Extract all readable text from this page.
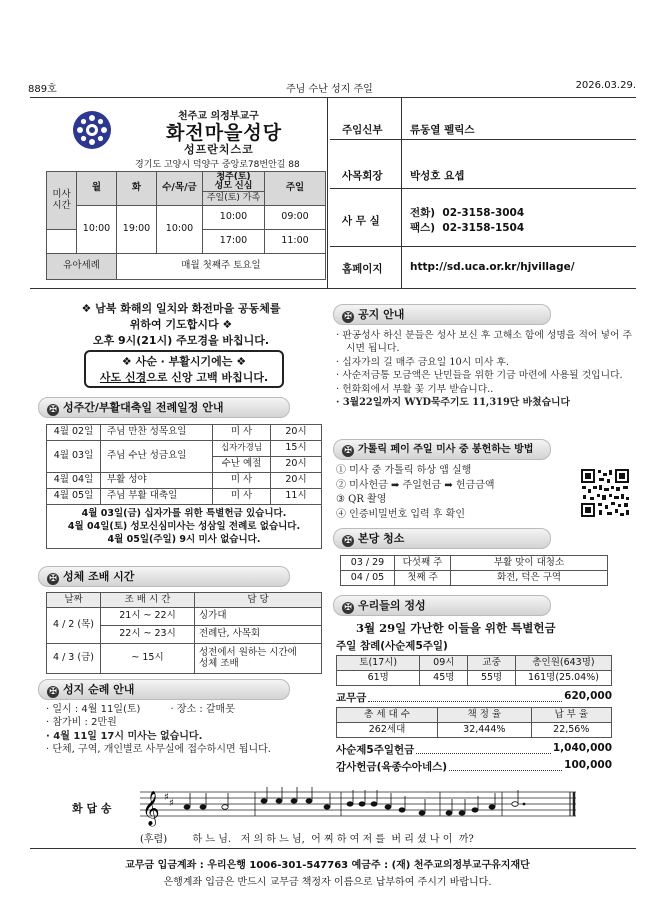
889호	주님 수난 성지 주일	2026.03.29.
천주교 의정부교구
화전마을성당
성프란치스코
경기도 고양시 덕양구 중앙로78번안길 88
미사
시간	월	화	수/목/금	청주(토)
성모 신심	주일
				주일(토) 가족	
	10:00	19:00	10:00	10:00	09:00
				17:00	11:00
유아세례		매월 첫째주 토요일			
주임신부	류동열 펠릭스
사목회장	박성호 요셉
사 무 실
전화)  02-3158-3004
팩스)  02-3158-1504
홈페이지	http://sd.uca.or.kr/hjvillage/
❖ 남북 화해의 일치와 화전마을 공동체를
위하여 기도합시다 ❖
오후 9시(21시) 주모경을 바칩니다.
❖ 사순 · 부활시기에는 ❖
사도 신경으로 신앙 고백 바칩니다.
✠ 성주간/부활대축일 전례일정 안내
4월 02일	주님 만찬 성목요일	미 사	20시
4월 03일	주님 수난 성금요일	십자가경님	15시
		수난 예절	20시
4월 04일	부활 성야	미 사	20시
4월 05일	주님 부활 대축일	미 사	11시

4월 03일(금) 십자가를 위한 특별헌금 있습니다.
4월 04일(토) 성모신심미사는 성삼일 전례로 없습니다.
4월 05일(주일) 9시 미사 없습니다.			
✠ 성체 조배 시간
날짜	조 배 시 간	담 당
4 / 2 (목)	21시 ~ 22시	싱가대
	22시 ~ 23시	전례단, 사목회
4 / 3 (금)	~ 15시	성전에서 원하는 시간에
성체 조배
✠ 성지 순례 안내
· 일시 : 4월 11일(토)	· 장소 : 갈매못
· 참가비 : 2만원
· 4월 11일 17시 미사는 없습니다.
· 단체, 구역, 개인별로 사무실에 접수하시면 됩니다.
✠ 공지 안내
· 판공성사 하신 분들은 성사 보신 후 고해소 함에 성명을 적어 넣어 주시면 됩니다.
· 십자가의 길 매주 금요일 10시 미사 후.
· 사순저금통 모금액은 난민들을 위한 기금 마련에 사용될 것입니다.
· 헌화회에서 부활 꽃 기부 받습니다..
· 3월22일까지 WYD묵주기도 11,319단 바쳤습니다
✠ 가톨릭 페이 주일 미사 중 봉헌하는 방법
① 미사 중 가톨릭 하상 앱 실행
② 미사헌금 ➡ 주일헌금 ➡ 헌금금액
③ QR 촬영
④ 인증비밀번호 입력 후 확인
✠ 본당 청소
03 / 29	다섯째 주	부활 맞이 대청소
04 / 05	첫째 주	화전, 덕은 구역
✠ 우리들의 정성
3월 29일 가난한 이들을 위한 특별헌금
주일 참례(사순제5주일)
토(17시)	09시	교중	총인원(643명)
61명	45명	55명	161명(25.04%)
교무금	620,000
총 세 대 수	책 정 율	납 부 율
262세대	32,444%	22,56%
사순제5주일헌금	1,040,000
감사헌금(육종수아네스)	100,000
화 답 송 𝄞 ♯
♯
(후렴)        하 느 님.   저 의 하 느 님,  어 찌 하 여 저 를  버 리 셨 나 이  까?
교무금 입금계좌 : 우리은행 1006-301-547763 예금주 : (재) 천주교의정부교구유지재단
은행계좌 입금은 반드시 교무금 책정자 이름으로 납부하여 주시기 바랍니다.
